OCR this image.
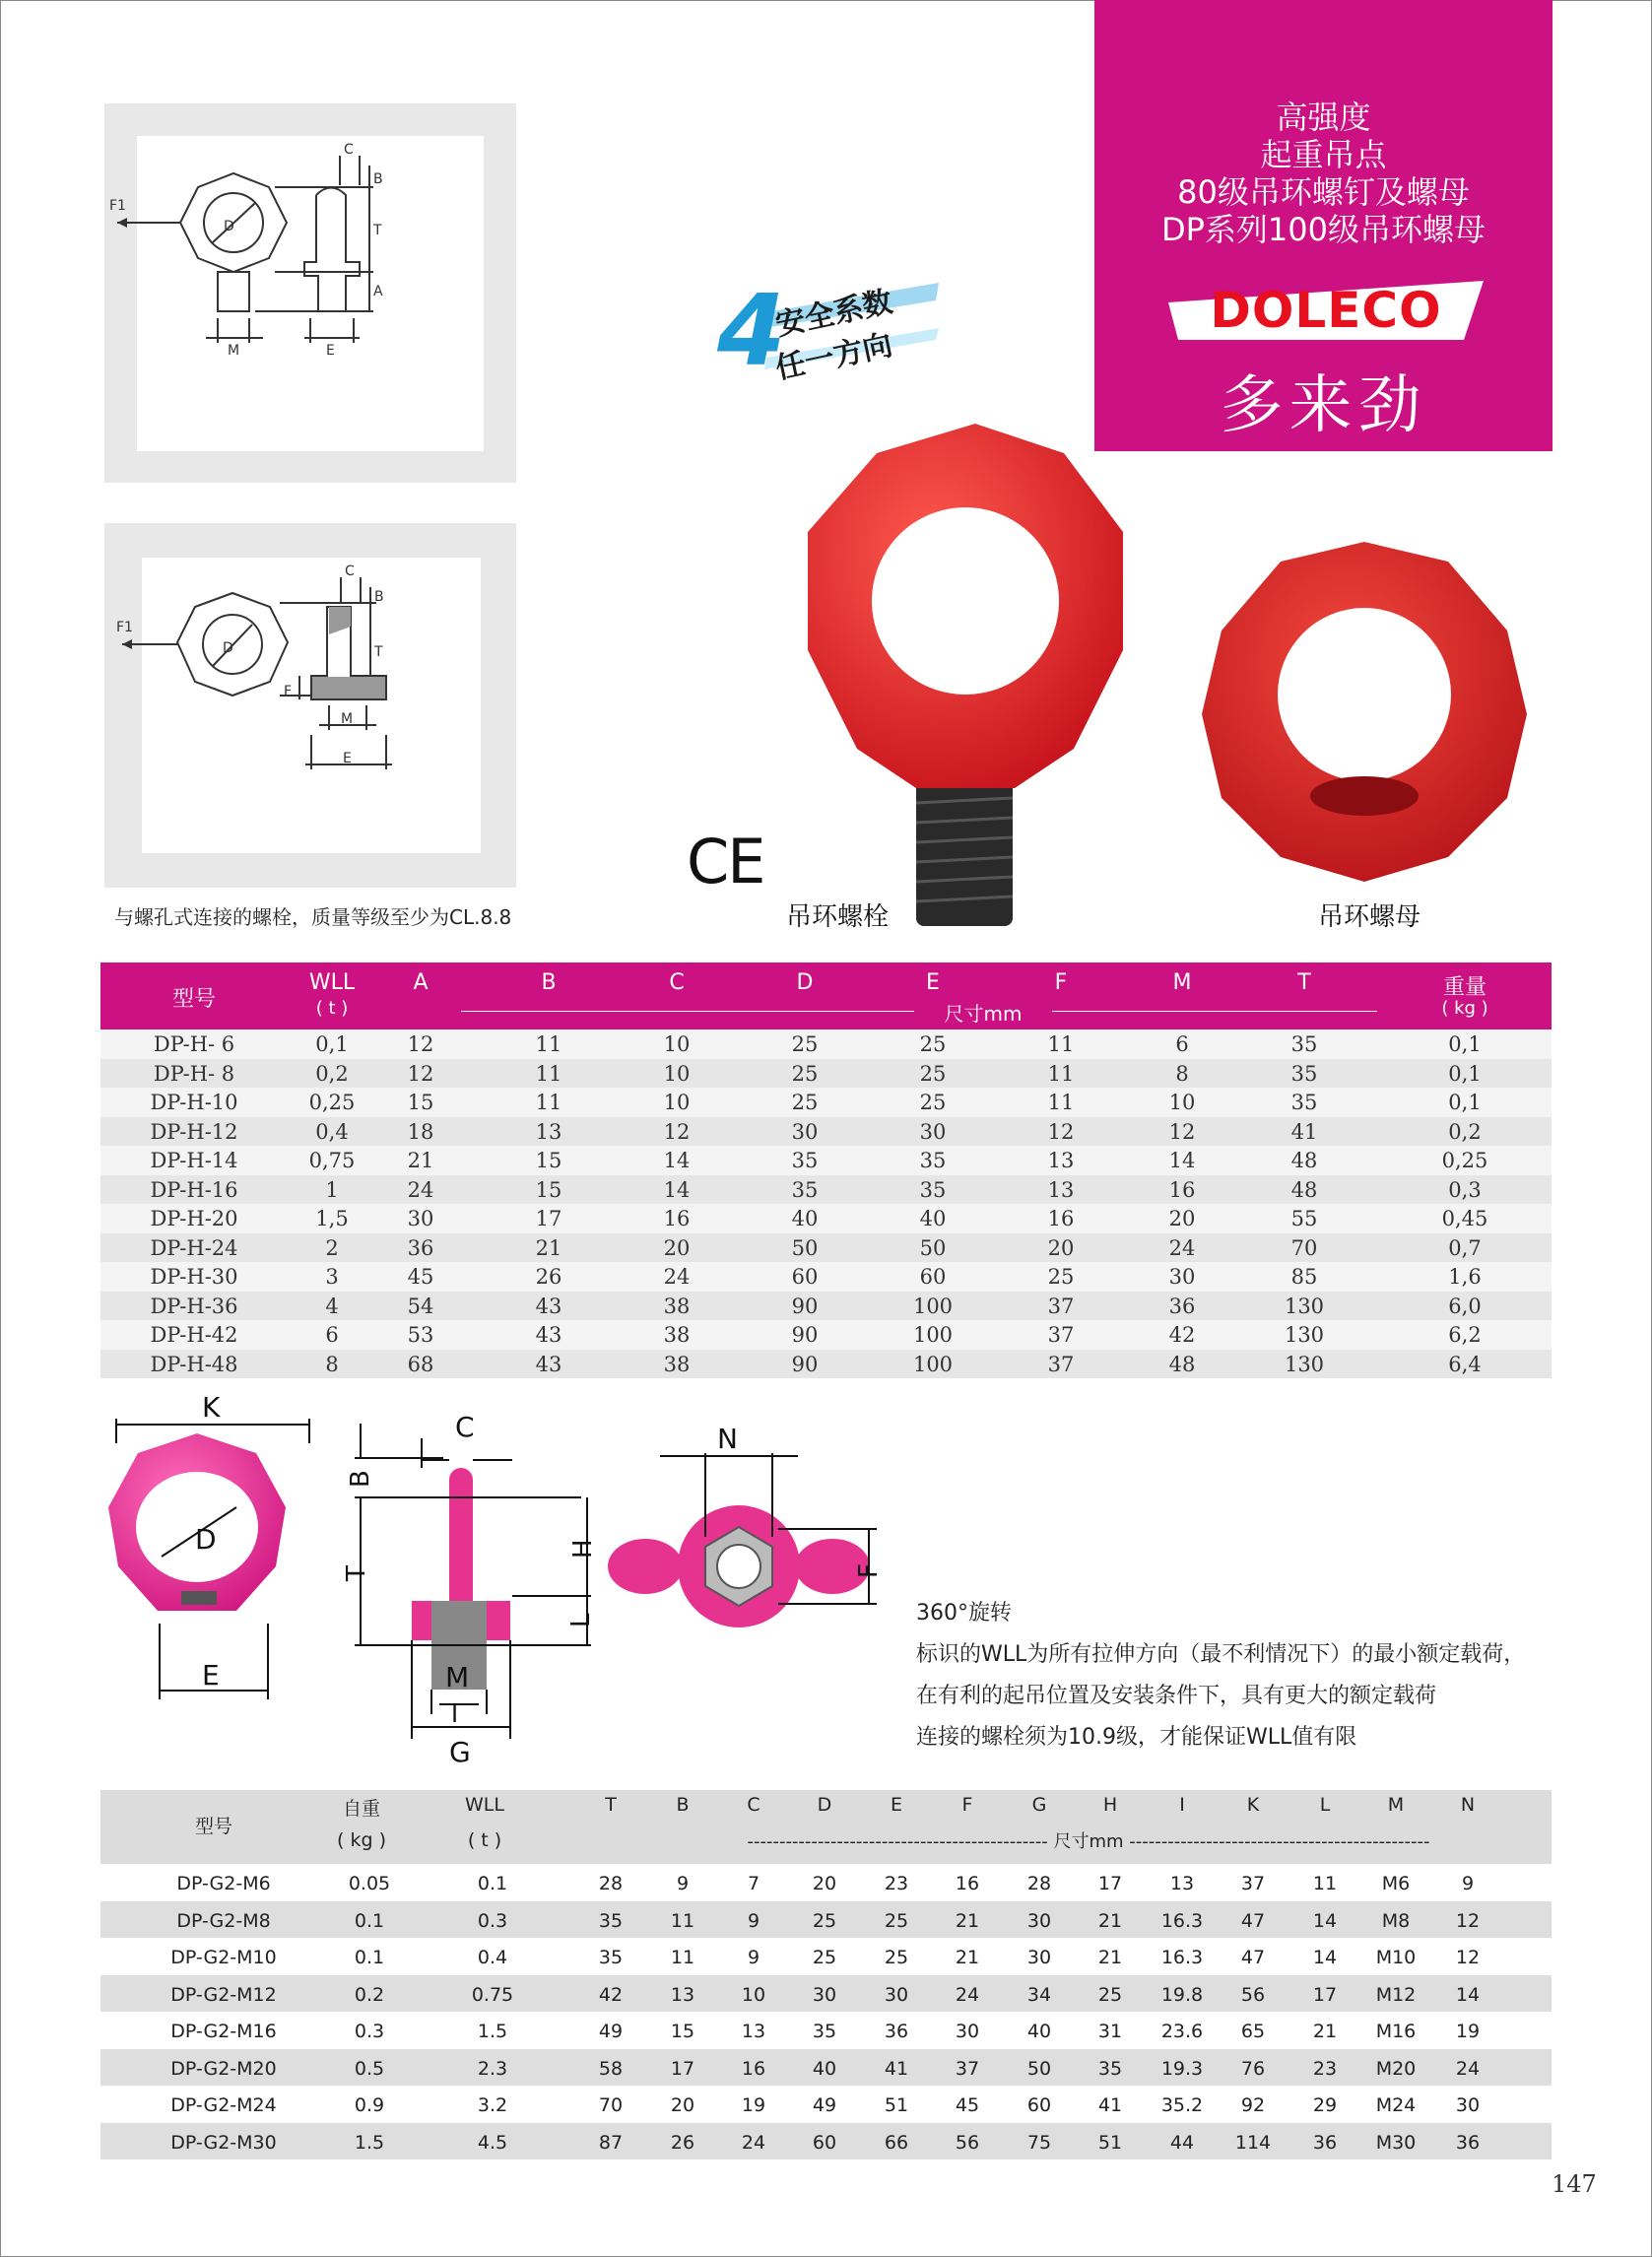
高强度
起重吊点
80级吊环螺钉及螺母
DP系列100级吊环螺母
DOLECO
多来劲
4
安全系数
任一方向
F1
D
C
B
T
A
M	E
F1
D
C
B
T
F
M
E
与螺孔式连接的螺栓，质量等级至少为CL.8.8
CE
吊环螺栓	吊环螺母
型号
WLL
( t )
A	B	C	D	E	F	M	T
尺寸mm
重量
( kg )
DP-H- 6	0,1	12	11	10	25	25	11	6	35	0,1
DP-H- 8	0,2	12	11	10	25	25	11	8	35	0,1
DP-H-10	0,25	15	11	10	25	25	11	10	35	0,1
DP-H-12	0,4	18	13	12	30	30	12	12	41	0,2
DP-H-14	0,75	21	15	14	35	35	13	14	48	0,25
DP-H-16	1	24	15	14	35	35	13	16	48	0,3
DP-H-20	1,5	30	17	16	40	40	16	20	55	0,45
DP-H-24	2	36	21	20	50	50	20	24	70	0,7
DP-H-30	3	45	26	24	60	60	25	30	85	1,6
DP-H-36	4	54	43	38	90	100	37	36	130	6,0
DP-H-42	6	53	43	38	90	100	37	42	130	6,2
DP-H-48	8	68	43	38	90	100	37	48	130	6,4
K
D
E
C
B
T
H
L
M
I
G
N
F
360°旋转
标识的WLL为所有拉伸方向（最不利情况下）的最小额定载荷，
在有利的起吊位置及安装条件下，具有更大的额定载荷
连接的螺栓须为10.9级，才能保证WLL值有限
型号
自重
( kg )
WLL
( t )
T	B	C	D	E	F	G	H	I	K	L	M	N
----------------------------------------------- 尺寸mm -----------------------------------------------
DP-G2-M6	0.05	0.1	28	9	7	20	23	16	28	17	13	37	11	M6	9
DP-G2-M8	0.1	0.3	35	11	9	25	25	21	30	21	16.3	47	14	M8	12
DP-G2-M10	0.1	0.4	35	11	9	25	25	21	30	21	16.3	47	14	M10	12
DP-G2-M12	0.2	0.75	42	13	10	30	30	24	34	25	19.8	56	17	M12	14
DP-G2-M16	0.3	1.5	49	15	13	35	36	30	40	31	23.6	65	21	M16	19
DP-G2-M20	0.5	2.3	58	17	16	40	41	37	50	35	19.3	76	23	M20	24
DP-G2-M24	0.9	3.2	70	20	19	49	51	45	60	41	35.2	92	29	M24	30
DP-G2-M30	1.5	4.5	87	26	24	60	66	56	75	51	44	114	36	M30	36
147
